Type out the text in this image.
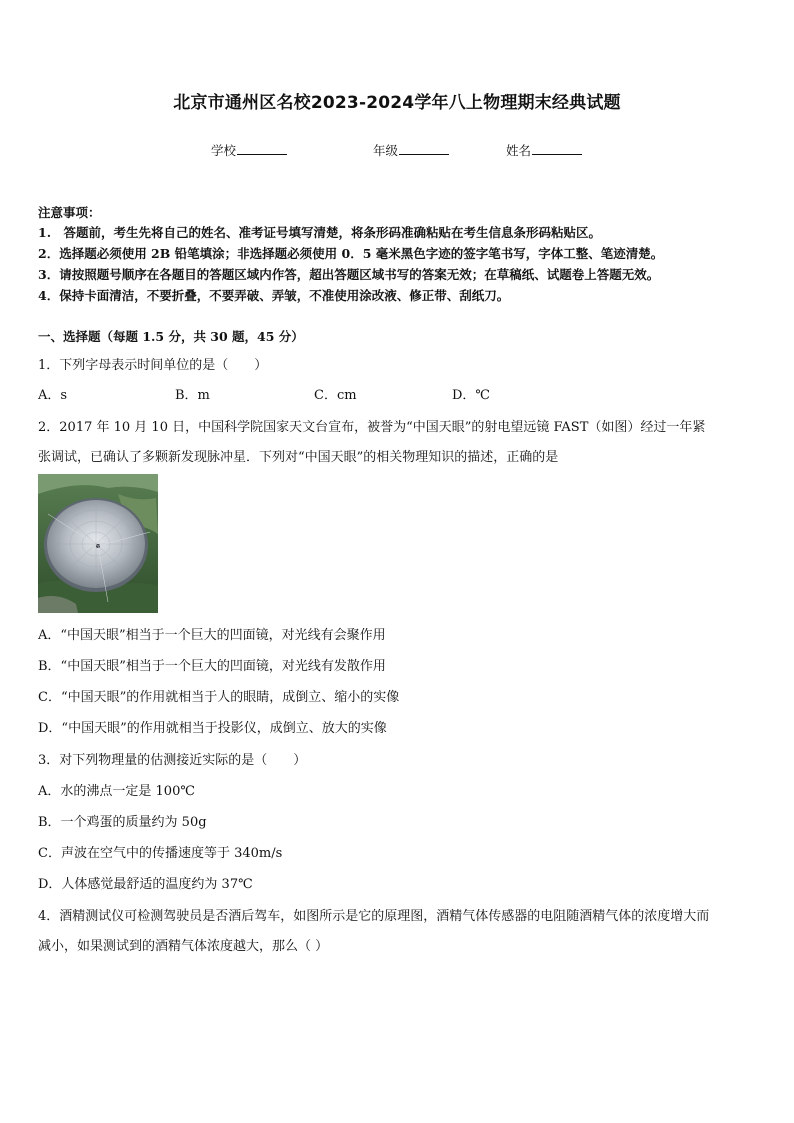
北京市通州区名校2023-2024学年八上物理期末经典试题
学校	年级	姓名
注意事项：
1.　答题前，考生先将自己的姓名、准考证号填写清楚，将条形码准确粘贴在考生信息条形码粘贴区。
2．选择题必须使用 2B 铅笔填涂；非选择题必须使用 0．5 毫米黑色字迹的签字笔书写，字体工整、笔迹清楚。
3．请按照题号顺序在各题目的答题区域内作答，超出答题区域书写的答案无效；在草稿纸、试题卷上答题无效。
4．保持卡面清洁，不要折叠，不要弄破、弄皱，不准使用涂改液、修正带、刮纸刀。
一、选择题（每题 1.5 分，共 30 题，45 分）
1．下列字母表示时间单位的是（　　）
A．s	B．m	C．cm	D．℃
2．2017 年 10 月 10 日，中国科学院国家天文台宣布，被誉为“中国天眼”的射电望远镜 FAST（如图）经过一年紧
张调试，已确认了多颗新发现脉冲星．下列对“中国天眼”的相关物理知识的描述，正确的是
A．“中国天眼”相当于一个巨大的凹面镜，对光线有会聚作用
B．“中国天眼”相当于一个巨大的凹面镜，对光线有发散作用
C．“中国天眼”的作用就相当于人的眼睛，成倒立、缩小的实像
D．“中国天眼”的作用就相当于投影仪，成倒立、放大的实像
3．对下列物理量的估测接近实际的是（　　）
A．水的沸点一定是 100℃
B．一个鸡蛋的质量约为 50g
C．声波在空气中的传播速度等于 340m/s
D．人体感觉最舒适的温度约为 37℃
4．酒精测试仪可检测驾驶员是否酒后驾车，如图所示是它的原理图，酒精气体传感器的电阻随酒精气体的浓度增大而
减小，如果测试到的酒精气体浓度越大，那么（ ）
